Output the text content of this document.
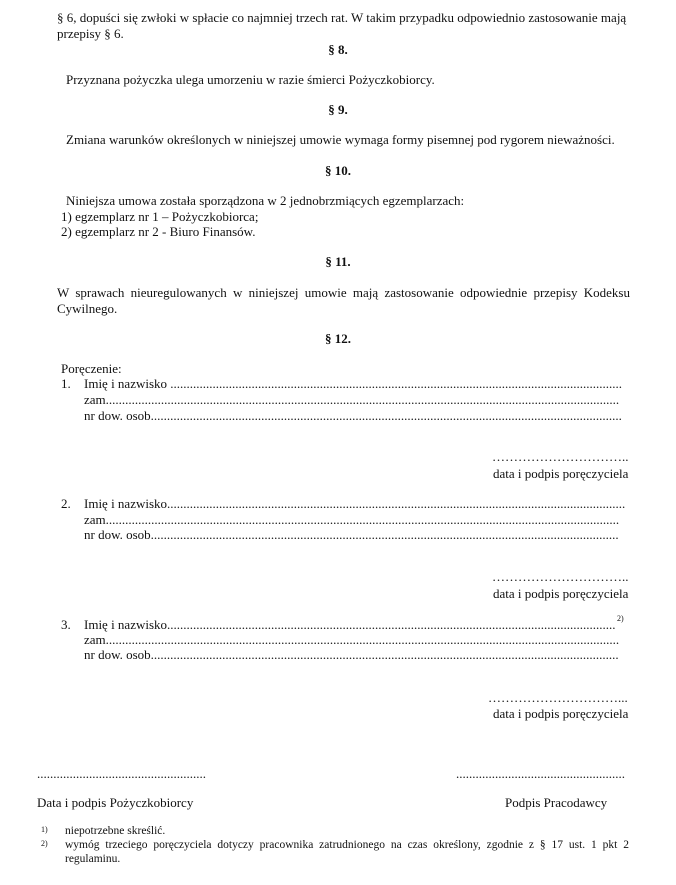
§ 6, dopuści się zwłoki w spłacie co najmniej trzech rat. W takim przypadku odpowiednio zastosowanie mają
przepisy § 6.
§ 8.
Przyznana pożyczka ulega umorzeniu w razie śmierci Pożyczkobiorcy.
§ 9.
Zmiana warunków określonych w niniejszej umowie wymaga formy pisemnej pod rygorem nieważności.
§ 10.
Niniejsza umowa została sporządzona w 2 jednobrzmiących egzemplarzach:
1) egzemplarz nr 1 – Pożyczkobiorca;
2) egzemplarz nr 2 - Biuro Finansów.
§ 11.
W sprawach nieuregulowanych w niniejszej umowie mają zastosowanie odpowiednie przepisy Kodeksu Cywilnego.
§ 12.
Poręczenie:
1. Imię i nazwisko ...........................................................................................................................................
zam..............................................................................................................................................................
nr dow. osob.................................................................................................................................................
…………………………..
data i podpis poręczyciela
2. Imię i nazwisko.............................................................................................................................................
zam..............................................................................................................................................................
nr dow. osob................................................................................................................................................
…………………………..
data i podpis poręczyciela
3. Imię i nazwisko.......................................................................................................................................... 2)
zam..............................................................................................................................................................
nr dow. osob................................................................................................................................................
…………………………...
data i podpis poręczyciela
....................................................	....................................................
Data i podpis Pożyczkobiorcy	Podpis Pracodawcy
1) niepotrzebne skreślić.
2) wymóg trzeciego poręczyciela dotyczy pracownika zatrudnionego na czas określony, zgodnie z § 17 ust. 1 pkt 2 regulaminu.
